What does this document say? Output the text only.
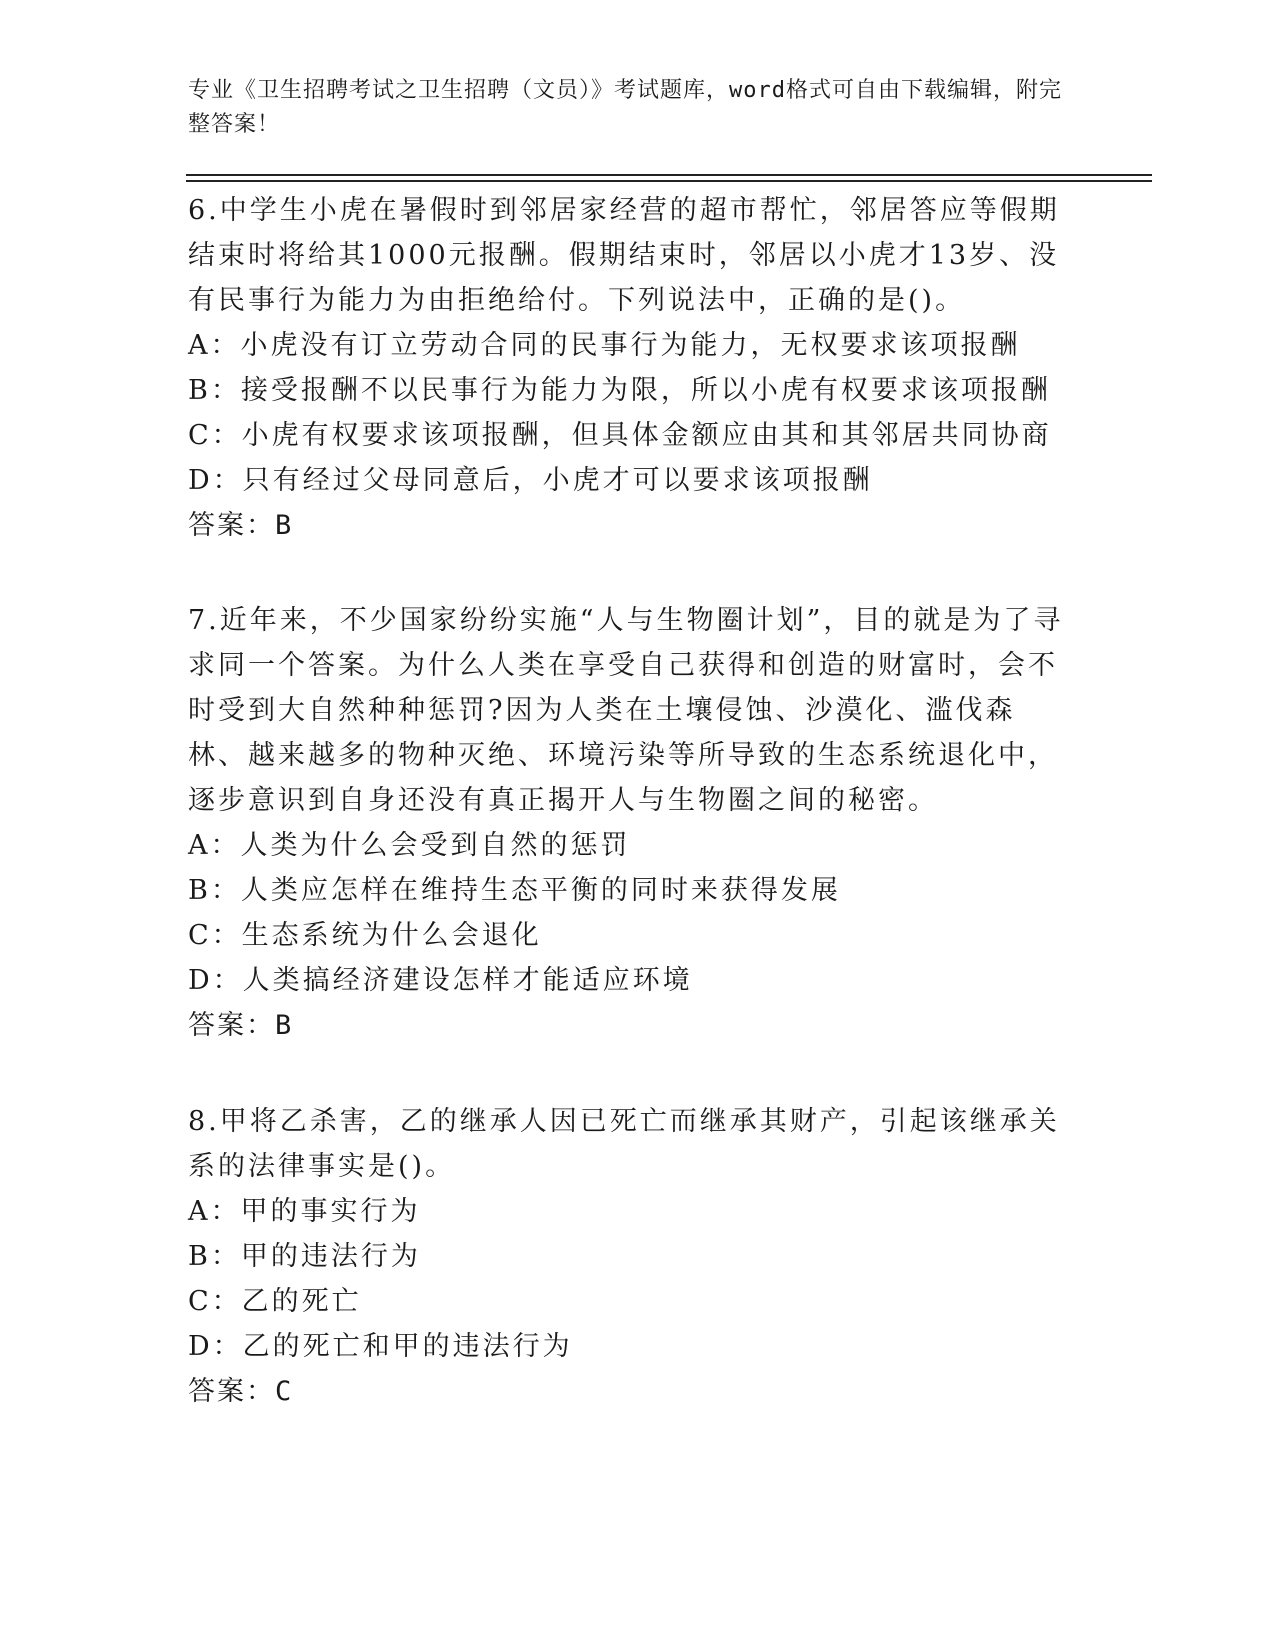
专业《卫生招聘考试之卫生招聘（文员）》考试题库，word格式可自由下载编辑，附完整答案！
6.中学生小虎在暑假时到邻居家经营的超市帮忙，邻居答应等假期结束时将给其1000元报酬。假期结束时，邻居以小虎才13岁、没有民事行为能力为由拒绝给付。下列说法中，正确的是()。
A：小虎没有订立劳动合同的民事行为能力，无权要求该项报酬
B：接受报酬不以民事行为能力为限，所以小虎有权要求该项报酬
C：小虎有权要求该项报酬，但具体金额应由其和其邻居共同协商
D：只有经过父母同意后，小虎才可以要求该项报酬
答案：B
7.近年来，不少国家纷纷实施“人与生物圈计划”，目的就是为了寻求同一个答案。为什么人类在享受自己获得和创造的财富时，会不时受到大自然种种惩罚?因为人类在土壤侵蚀、沙漠化、滥伐森林、越来越多的物种灭绝、环境污染等所导致的生态系统退化中，逐步意识到自身还没有真正揭开人与生物圈之间的秘密。
A：人类为什么会受到自然的惩罚
B：人类应怎样在维持生态平衡的同时来获得发展
C：生态系统为什么会退化
D：人类搞经济建设怎样才能适应环境
答案：B
8.甲将乙杀害，乙的继承人因已死亡而继承其财产，引起该继承关系的法律事实是()。
A：甲的事实行为
B：甲的违法行为
C：乙的死亡
D：乙的死亡和甲的违法行为
答案：C
